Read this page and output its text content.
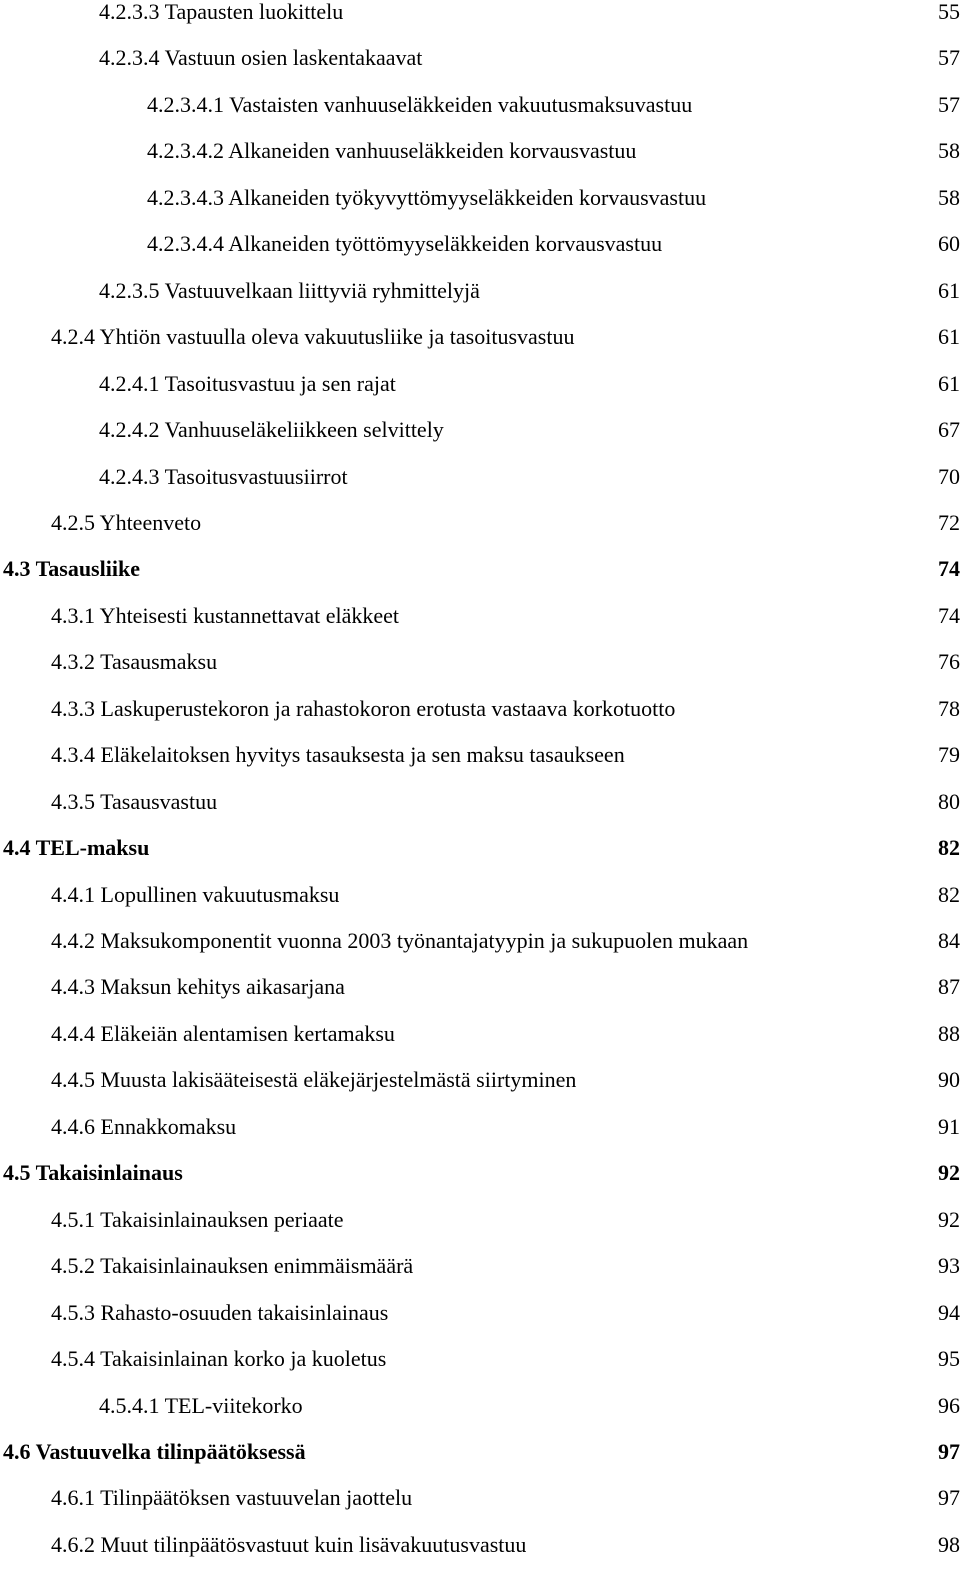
4.2.3.3 Tapausten luokittelu	55
4.2.3.4 Vastuun osien laskentakaavat	57
4.2.3.4.1 Vastaisten vanhuuseläkkeiden vakuutusmaksuvastuu	57
4.2.3.4.2 Alkaneiden vanhuuseläkkeiden korvausvastuu	58
4.2.3.4.3 Alkaneiden työkyvyttömyyseläkkeiden korvausvastuu	58
4.2.3.4.4 Alkaneiden työttömyyseläkkeiden korvausvastuu	60
4.2.3.5 Vastuuvelkaan liittyviä ryhmittelyjä	61
4.2.4 Yhtiön vastuulla oleva vakuutusliike ja tasoitusvastuu	61
4.2.4.1 Tasoitusvastuu ja sen rajat	61
4.2.4.2 Vanhuuseläkeliikkeen selvittely	67
4.2.4.3 Tasoitusvastuusiirrot	70
4.2.5 Yhteenveto	72
4.3 Tasausliike	74
4.3.1 Yhteisesti kustannettavat eläkkeet	74
4.3.2 Tasausmaksu	76
4.3.3 Laskuperustekoron ja rahastokoron erotusta vastaava korkotuotto	78
4.3.4 Eläkelaitoksen hyvitys tasauksesta ja sen maksu tasaukseen	79
4.3.5 Tasausvastuu	80
4.4 TEL-maksu	82
4.4.1 Lopullinen vakuutusmaksu	82
4.4.2 Maksukomponentit vuonna 2003 työnantajatyypin ja sukupuolen mukaan	84
4.4.3 Maksun kehitys aikasarjana	87
4.4.4 Eläkeiän alentamisen kertamaksu	88
4.4.5 Muusta lakisääteisestä eläkejärjestelmästä siirtyminen	90
4.4.6 Ennakkomaksu	91
4.5 Takaisinlainaus	92
4.5.1 Takaisinlainauksen periaate	92
4.5.2 Takaisinlainauksen enimmäismäärä	93
4.5.3 Rahasto-osuuden takaisinlainaus	94
4.5.4 Takaisinlainan korko ja kuoletus	95
4.5.4.1 TEL-viitekorko	96
4.6 Vastuuvelka tilinpäätöksessä	97
4.6.1 Tilinpäätöksen vastuuvelan jaottelu	97
4.6.2 Muut tilinpäätösvastuut kuin lisävakuutusvastuu	98
